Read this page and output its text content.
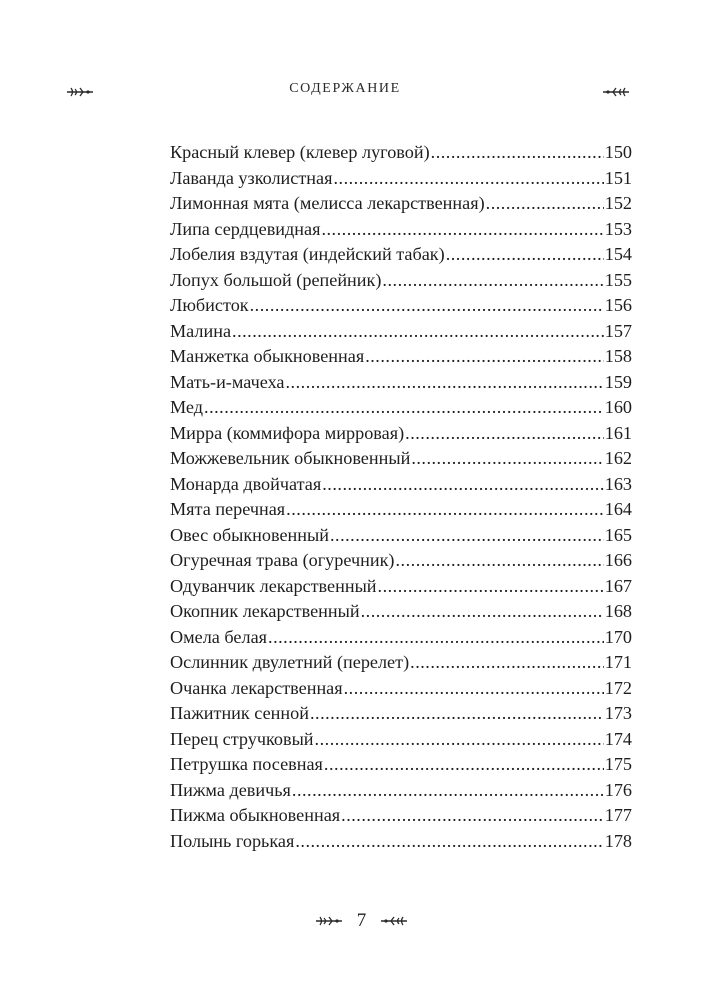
СОДЕРЖАНИЕ
Красный клевер (клевер луговой) .....	150
Лаванда узколистная .....	151
Лимонная мята (мелисса лекарственная) .....	152
Липа сердцевидная .....	153
Лобелия вздутая (индейский табак) .....	154
Лопух большой (репейник) .....	155
Любисток .....	156
Малина .....	157
Манжетка обыкновенная .....	158
Мать-и-мачеха .....	159
Мед .....	160
Мирра (коммифора мирровая) .....	161
Можжевельник обыкновенный .....	162
Монарда двойчатая .....	163
Мята перечная .....	164
Овес обыкновенный .....	165
Огуречная трава (огуречник) .....	166
Одуванчик лекарственный .....	167
Окопник лекарственный .....	168
Омела белая .....	170
Ослинник двулетний (перелет) .....	171
Очанка лекарственная .....	172
Пажитник сенной .....	173
Перец стручковый .....	174
Петрушка посевная .....	175
Пижма девичья .....	176
Пижма обыкновенная .....	177
Полынь горькая .....	178
7
